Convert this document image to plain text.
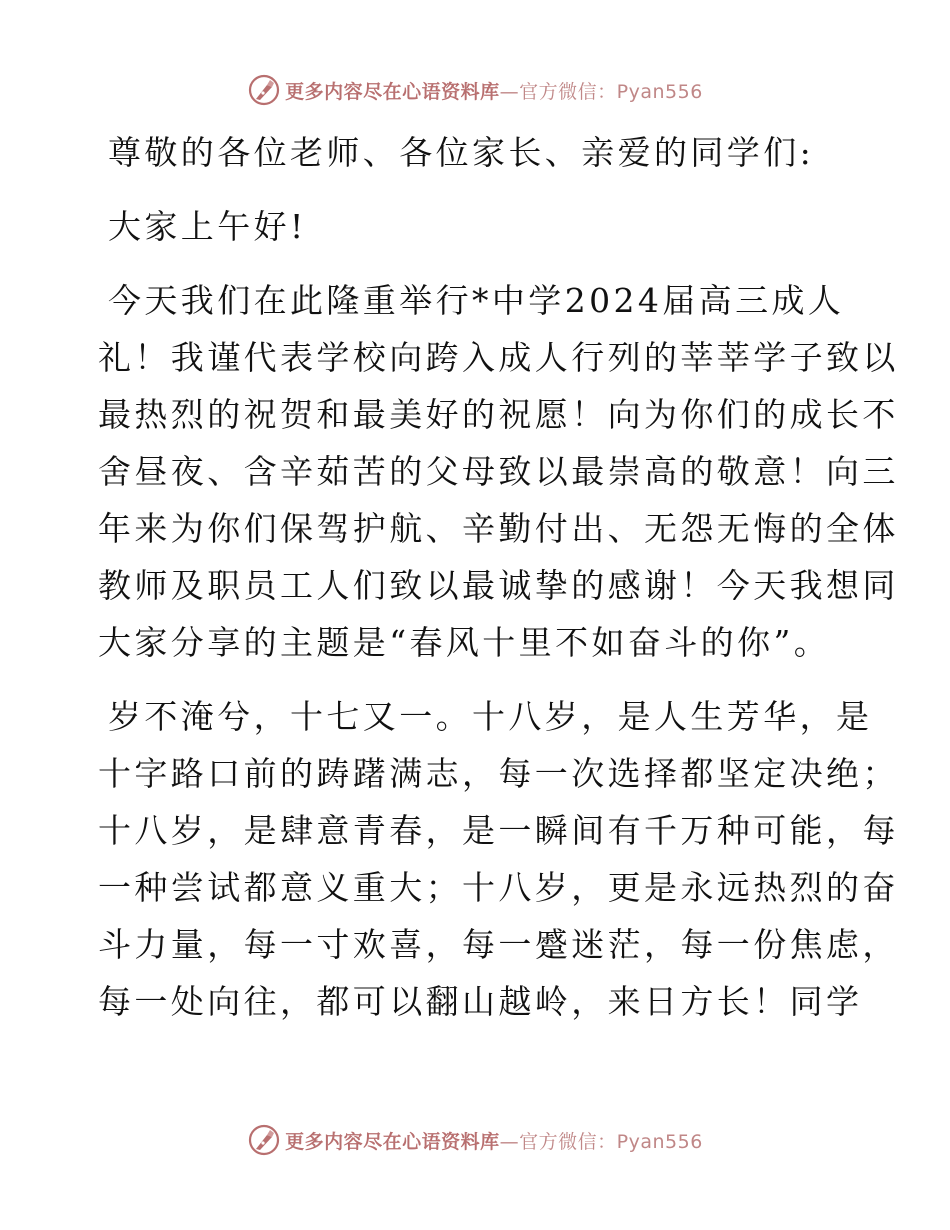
更多内容尽在心语资料库—官方微信：Pyan556
尊敬的各位老师、各位家长、亲爱的同学们:
大家上午好!
今天我们在此隆重举行*中学2024届高三成人
礼！我谨代表学校向跨入成人行列的莘莘学子致以
最热烈的祝贺和最美好的祝愿！向为你们的成长不
舍昼夜、含辛茹苦的父母致以最崇高的敬意！向三
年来为你们保驾护航、辛勤付出、无怨无悔的全体
教师及职员工人们致以最诚挚的感谢！今天我想同
大家分享的主题是“春风十里不如奋斗的你”。
岁不淹兮，十七又一。十八岁，是人生芳华，是
十字路口前的踌躇满志，每一次选择都坚定决绝；
十八岁，是肆意青春，是一瞬间有千万种可能，每
一种尝试都意义重大；十八岁，更是永远热烈的奋
斗力量，每一寸欢喜，每一蹙迷茫，每一份焦虑，
每一处向往，都可以翻山越岭，来日方长！同学
更多内容尽在心语资料库—官方微信：Pyan556
